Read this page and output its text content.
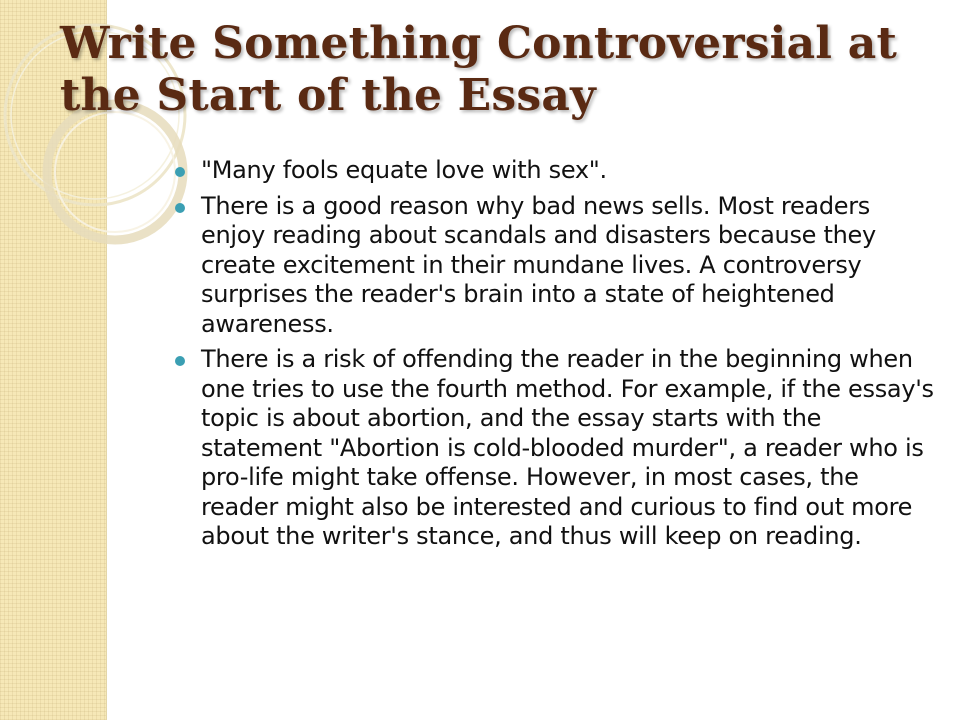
Write Something Controversial at the Start of the Essay
"Many fools equate love with sex".
There is a good reason why bad news sells. Most readers enjoy reading about scandals and disasters because they create excitement in their mundane lives. A controversy surprises the reader's brain into a state of heightened awareness.
There is a risk of offending the reader in the beginning when one tries to use the fourth method. For example, if the essay's topic is about abortion, and the essay starts with the statement "Abortion is cold-blooded murder", a reader who is pro-life might take offense. However, in most cases, the reader might also be interested and curious to find out more about the writer's stance, and thus will keep on reading.
